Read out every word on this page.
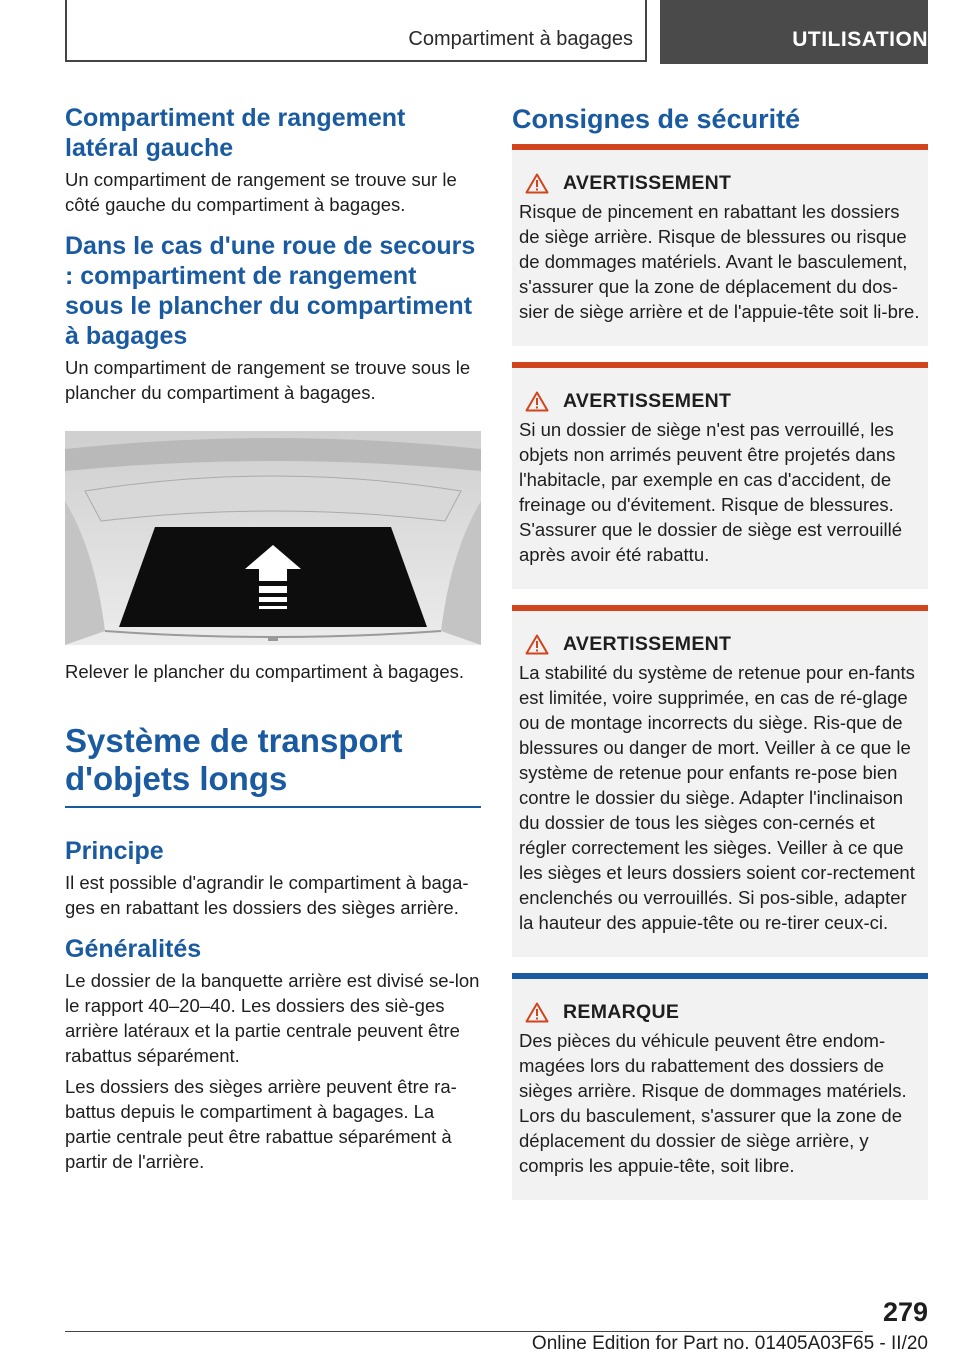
Compartiment à bagages	UTILISATION
Compartiment de rangement latéral gauche

Un compartiment de rangement se trouve sur le côté gauche du compartiment à bagages.

Dans le cas d'une roue de secours : compartiment de rangement sous le plancher du compartiment à bagages

Un compartiment de rangement se trouve sous le plancher du compartiment à bagages.

Relever le plancher du compartiment à bagages.

Système de transport d'objets longs
Principe

Il est possible d'agrandir le compartiment à baga-ges en rabattant les dossiers des sièges arrière.

Généralités

Le dossier de la banquette arrière est divisé se-lon le rapport 40–20–40. Les dossiers des siè-ges arrière latéraux et la partie centrale peuvent être rabattus séparément.

Les dossiers des sièges arrière peuvent être ra-battus depuis le compartiment à bagages. La partie centrale peut être rabattue séparément à partir de l'arrière.

Consignes de sécurité
AVERTISSEMENT

Risque de pincement en rabattant les dossiers de siège arrière. Risque de blessures ou risque de dommages matériels. Avant le basculement, s'assurer que la zone de déplacement du dos-sier de siège arrière et de l'appuie-tête soit li-bre.

AVERTISSEMENT

Si un dossier de siège n'est pas verrouillé, les objets non arrimés peuvent être projetés dans l'habitacle, par exemple en cas d'accident, de freinage ou d'évitement. Risque de blessures. S'assurer que le dossier de siège est verrouillé après avoir été rabattu.

AVERTISSEMENT

La stabilité du système de retenue pour en-fants est limitée, voire supprimée, en cas de ré-glage ou de montage incorrects du siège. Ris-que de blessures ou danger de mort. Veiller à ce que le système de retenue pour enfants re-pose bien contre le dossier du siège. Adapter l'inclinaison du dossier de tous les sièges con-cernés et régler correctement les sièges. Veiller à ce que les sièges et leurs dossiers soient cor-rectement enclenchés ou verrouillés. Si pos-sible, adapter la hauteur des appuie-tête ou re-tirer ceux-ci.

REMARQUE

Des pièces du véhicule peuvent être endom-magées lors du rabattement des dossiers de sièges arrière. Risque de dommages matériels. Lors du basculement, s'assurer que la zone de déplacement du dossier de siège arrière, y compris les appuie-tête, soit libre.

279
Online Edition for Part no. 01405A03F65 - II/20
